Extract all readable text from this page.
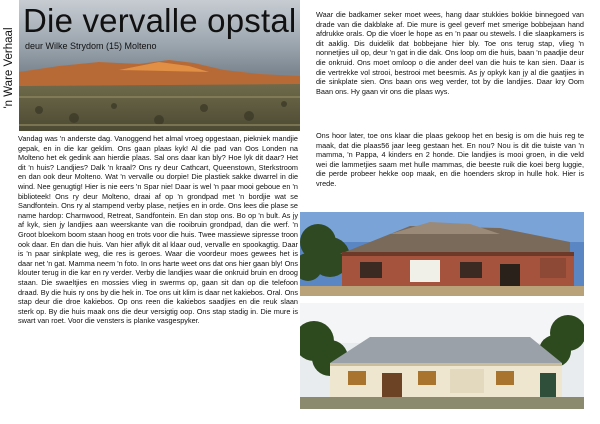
'n Ware Verhaal
Die vervalle opstal
deur Wilke Strydom (15) Molteno
Vandag was 'n anderste dag. Vanoggend het almal vroeg opgestaan, piekniek mandjie gepak, en in die kar geklim. Ons gaan plaas kyk! Al die pad van Oos Londen na Molteno het ek gedink aan hierdie plaas. Sal ons daar kan bly? Hoe lyk dit daar? Het dit 'n huis? Landjies? Dalk 'n kraal? Ons ry deur Cathcart, Queenstown, Sterkstroom en dan ook deur Molteno. Wat 'n vervalle ou dorpie! Die plastiek sakke dwarrel in die wind. Nee genugtig! Hier is nie eers 'n Spar nie! Daar is wel 'n paar mooi geboue en 'n biblioteek! Ons ry deur Molteno, draai af op 'n grondpad met 'n bordjie wat se Sandfontein. Ons ry al stampend verby plase, netjies en in orde. Ons lees die plase se name hardop: Charnwood, Retreat, Sandfontein. En dan stop ons. Bo op 'n bult. As jy af kyk, sien jy landjies aan weerskante van die rooibruin grondpad, dan die werf. 'n Groot bloekom boom staan hoog en trots voor die huis. Twee massiewe sipresse troon ook daar. En dan die huis. Van hier aflyk dit al klaar oud, vervalle en spookagtig. Daar is 'n paar sinkplate weg, die res is geroes. Waar die voordeur moes gewees het is daar net 'n gat. Mamma neem 'n foto. In ons harte weet ons dat ons hier gaan bly! Ons klouter terug in die kar en ry verder. Verby die landjies waar die onkruid bruin en droog staan. Die swaeltjies en mossies vlieg in swerms op, gaan sit dan op die telefoon draad. By die huis ry ons by die hek in. Toe ons uit klim is daar net kakiebos. Oral. Ons stap deur die droe kakiebos. Op ons reen die kakiebos saadjies en die reuk slaan sterk op. By die huis maak ons die deur versigtig oop. Ons stap stadig in. Die mure is swart van roet. Voor die vensters is planke vasgespyker.
Waar die badkamer seker moet wees, hang daar stukkies bokkie binnegoed van drade van die dakblake af. Die mure is geel geverf met smerige bobbejaan hand afdrukke orals. Op die vloer le hope as en 'n paar ou stewels. I die slaapkamers is dit aaklig. Dis duidelik dat bobbejane hier bly. Toe ons terug stap, vlieg 'n nonnetjies uil op, deur 'n gat in die dak. Ons loop om die huis, baan 'n paadjie deur die onkruid. Ons moet omloop o die ander deel van die huis te kan sien. Daar is die vertrekke vol strooi, bestrooi met beesmis. As jy opkyk kan jy al die gaatjies in die sinkplate sien. Ons baan ons weg verder, tot by die landjies. Daar kry Oom Baan ons. Hy gaan vir ons die plaas wys.
Ons hoor later, toe ons klaar die plaas gekoop het en besig is om die huis reg te maak, dat die plaas56 jaar leeg gestaan het. En nou? Nou is dit die tuiste van 'n mamma, 'n Pappa, 4 kinders en 2 honde. Die landjies is mooi groen, in die veld wei die lammetjies saam met hulle mammas, die beeste ruik die koei berg luggie, die perde probeer hekke oop maak, en die hoenders skrop in hulle hok. Hier is vrede.
